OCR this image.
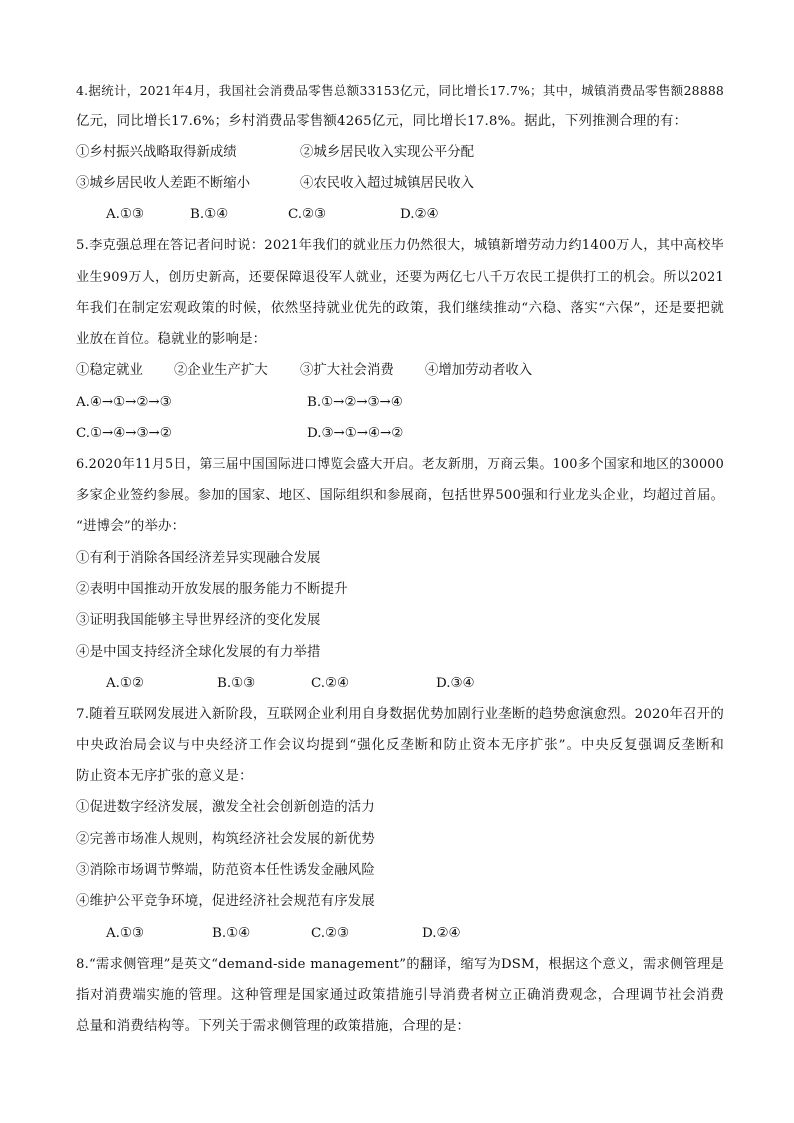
4.据统计，2021年4月，我国社会消费品零售总额33153亿元，同比增长17.7%；其中，城镇消费品零售额28888
亿元，同比增长17.6%；乡村消费品零售额4265亿元，同比增长17.8%。据此，下列推测合理的有：
①乡村振兴战略取得新成绩	②城乡居民收入实现公平分配
③城乡居民收人差距不断缩小	④农民收入超过城镇居民收入
A.①③	B.①④	C.②③	D.②④
5.李克强总理在答记者问时说：2021年我们的就业压力仍然很大，城镇新增劳动力约1400万人，其中高校毕
业生909万人，创历史新高，还要保障退役军人就业，还要为两亿七八千万农民工提供打工的机会。所以2021
年我们在制定宏观政策的时候，依然坚持就业优先的政策，我们继续推动“六稳、落实“六保”，还是要把就
业放在首位。稳就业的影响是：
①稳定就业 ②企业生产扩大 ③扩大社会消费 ④增加劳动者收入
A.④→①→②→③	B.①→②→③→④
C.①→④→③→②	D.③→①→④→②
6.2020年11月5日，第三届中国国际进口博览会盛大开启。老友新朋，万商云集。100多个国家和地区的30000
多家企业签约参展。参加的国家、地区、国际组织和参展商，包括世界500强和行业龙头企业，均超过首届。
“进博会”的举办：
①有利于消除各国经济差异实现融合发展
②表明中国推动开放发展的服务能力不断提升
③证明我国能够主导世界经济的变化发展
④是中国支持经济全球化发展的有力举措
A.①②	B.①③	C.②④	D.③④
7.随着互联网发展进入新阶段，互联网企业利用自身数据优势加剧行业垄断的趋势愈演愈烈。2020年召开的
中央政治局会议与中央经济工作会议均提到“强化反垄断和防止资本无序扩张”。中央反复强调反垄断和
防止资本无序扩张的意义是：
①促进数字经济发展，激发全社会创新创造的活力
②完善市场准人规则，构筑经济社会发展的新优势
③消除市场调节弊端，防范资本任性诱发金融风险
④维护公平竞争环境，促进经济社会规范有序发展
A.①③	B.①④	C.②③	D.②④
8.“需求侧管理”是英文“demand-side management”的翻译，缩写为DSM，根据这个意义，需求侧管理是
指对消费端实施的管理。这种管理是国家通过政策措施引导消费者树立正确消费观念，合理调节社会消费
总量和消费结构等。下列关于需求侧管理的政策措施，合理的是：
